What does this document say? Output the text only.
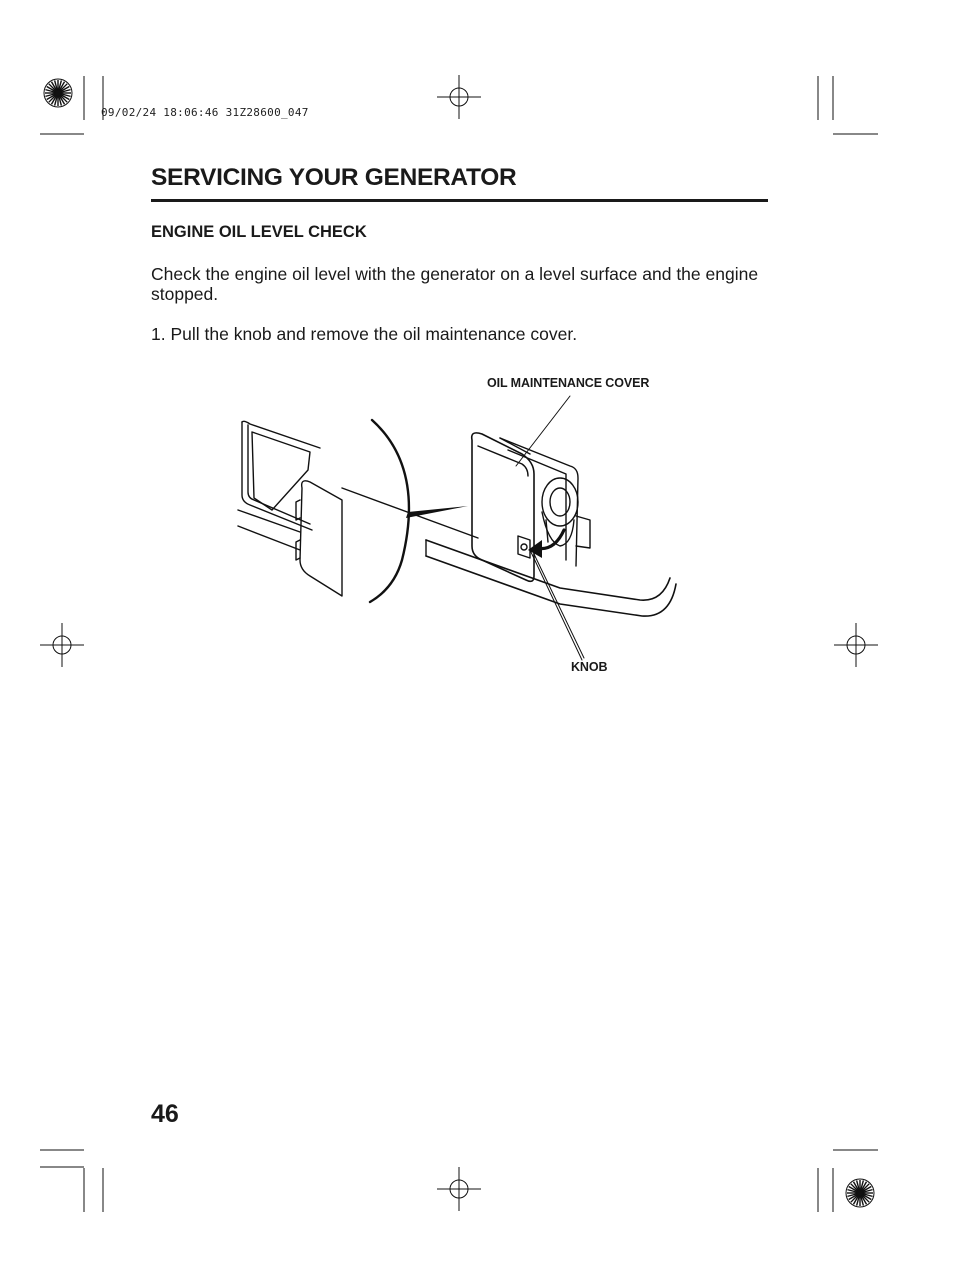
09/02/24 18:06:46 31Z28600_047
SERVICING YOUR GENERATOR
ENGINE OIL LEVEL CHECK

Check the engine oil level with the generator on a level surface and the engine stopped.

1. Pull the knob and remove the oil maintenance cover.

OIL MAINTENANCE COVER
KNOB
46
